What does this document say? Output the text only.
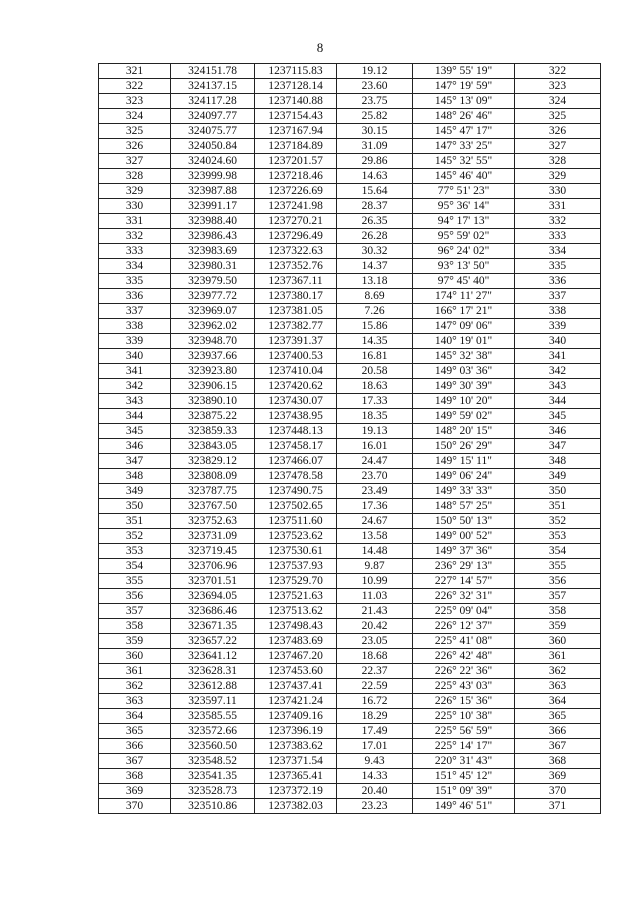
8
321	324151.78	1237115.83	19.12	139° 55' 19"	322
322	324137.15	1237128.14	23.60	147° 19' 59"	323
323	324117.28	1237140.88	23.75	145° 13' 09"	324
324	324097.77	1237154.43	25.82	148° 26' 46"	325
325	324075.77	1237167.94	30.15	145° 47' 17"	326
326	324050.84	1237184.89	31.09	147° 33' 25"	327
327	324024.60	1237201.57	29.86	145° 32' 55"	328
328	323999.98	1237218.46	14.63	145° 46' 40"	329
329	323987.88	1237226.69	15.64	77° 51' 23"	330
330	323991.17	1237241.98	28.37	95° 36' 14"	331
331	323988.40	1237270.21	26.35	94° 17' 13"	332
332	323986.43	1237296.49	26.28	95° 59' 02"	333
333	323983.69	1237322.63	30.32	96° 24' 02"	334
334	323980.31	1237352.76	14.37	93° 13' 50"	335
335	323979.50	1237367.11	13.18	97° 45' 40"	336
336	323977.72	1237380.17	8.69	174° 11' 27"	337
337	323969.07	1237381.05	7.26	166° 17' 21"	338
338	323962.02	1237382.77	15.86	147° 09' 06"	339
339	323948.70	1237391.37	14.35	140° 19' 01"	340
340	323937.66	1237400.53	16.81	145° 32' 38"	341
341	323923.80	1237410.04	20.58	149° 03' 36"	342
342	323906.15	1237420.62	18.63	149° 30' 39"	343
343	323890.10	1237430.07	17.33	149° 10' 20"	344
344	323875.22	1237438.95	18.35	149° 59' 02"	345
345	323859.33	1237448.13	19.13	148° 20' 15"	346
346	323843.05	1237458.17	16.01	150° 26' 29"	347
347	323829.12	1237466.07	24.47	149° 15' 11"	348
348	323808.09	1237478.58	23.70	149° 06' 24"	349
349	323787.75	1237490.75	23.49	149° 33' 33"	350
350	323767.50	1237502.65	17.36	148° 57' 25"	351
351	323752.63	1237511.60	24.67	150° 50' 13"	352
352	323731.09	1237523.62	13.58	149° 00' 52"	353
353	323719.45	1237530.61	14.48	149° 37' 36"	354
354	323706.96	1237537.93	9.87	236° 29' 13"	355
355	323701.51	1237529.70	10.99	227° 14' 57"	356
356	323694.05	1237521.63	11.03	226° 32' 31"	357
357	323686.46	1237513.62	21.43	225° 09' 04"	358
358	323671.35	1237498.43	20.42	226° 12' 37"	359
359	323657.22	1237483.69	23.05	225° 41' 08"	360
360	323641.12	1237467.20	18.68	226° 42' 48"	361
361	323628.31	1237453.60	22.37	226° 22' 36"	362
362	323612.88	1237437.41	22.59	225° 43' 03"	363
363	323597.11	1237421.24	16.72	226° 15' 36"	364
364	323585.55	1237409.16	18.29	225° 10' 38"	365
365	323572.66	1237396.19	17.49	225° 56' 59"	366
366	323560.50	1237383.62	17.01	225° 14' 17"	367
367	323548.52	1237371.54	9.43	220° 31' 43"	368
368	323541.35	1237365.41	14.33	151° 45' 12"	369
369	323528.73	1237372.19	20.40	151° 09' 39"	370
370	323510.86	1237382.03	23.23	149° 46' 51"	371
